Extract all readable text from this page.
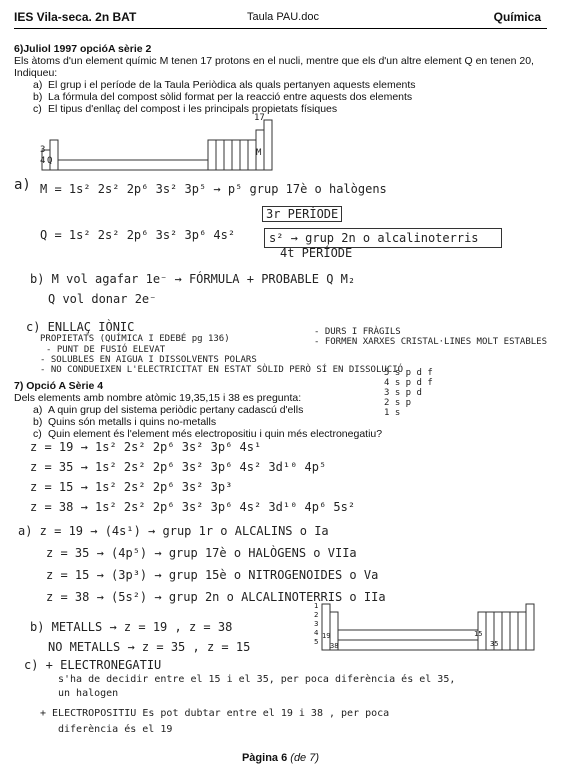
IES Vila-seca. 2n BAT	Taula PAU.doc	Química
6)Juliol 1997 opcióA sèrie 2
Els àtoms d'un element químic M tenen 17 protons en el nucli, mentre que els d'un altre element Q en tenen 20,
Indiqueu:
a) El grup i el període de la Taula Periòdica als quals pertanyen aquests elements
b) La fórmula del compost sòlid format per la reacció entre aquests dos elements
c) El tipus d'enllaç del compost i les principals propietats físiques
17
3
4 Q
M
a) M = 1s² 2s² 2p⁶ 3s² 3p⁵ → p⁵ grup 17è o halògens
3r PERÍODE
Q = 1s² 2s² 2p⁶ 3s² 3p⁶ 4s²	s² → grup 2n o alcalinoterris
4t PERÍODE
b) M vol agafar 1e⁻ → FÓRMULA + PROBABLE Q M₂
Q vol donar 2e⁻
c) ENLLAÇ IÒNIC
PROPIETATS (QUÍMICA I EDEBÉ pg 136)
- PUNT DE FUSIÓ ELEVAT
- SOLUBLES EN AIGUA I DISSOLVENTS POLARS
- NO CONDUEIXEN L'ELECTRICITAT EN ESTAT SÒLID PERÒ SÍ EN DISSOLUCIÓ
- DURS I FRÀGILS
- FORMEN XARXES CRISTAL·LINES MOLT ESTABLES
7) Opció A Sèrie 4
Dels elements amb nombre atòmic 19,35,15 i 38 es pregunta:
a) A quin grup del sistema periòdic pertany cadascú d'ells
b) Quins són metalls i quins no-metalls
c) Quin element és l'element més electropositiu i quin més electronegatiu?
5 s p d f
4 s p d f
3 s p d
2 s p
1 s
z = 19 → 1s² 2s² 2p⁶ 3s² 3p⁶ 4s¹
z = 35 → 1s² 2s² 2p⁶ 3s² 3p⁶ 4s² 3d¹⁰ 4p⁵
z = 15 → 1s² 2s² 2p⁶ 3s² 3p³
z = 38 → 1s² 2s² 2p⁶ 3s² 3p⁶ 4s² 3d¹⁰ 4p⁶ 5s²
a) z = 19 → (4s¹) → grup 1r o ALCALINS o Ia
z = 35 → (4p⁵) → grup 17è o HALÒGENS o VIIa
z = 15 → (3p³) → grup 15è o NITROGENOIDES o Va
z = 38 → (5s²) → grup 2n o ALCALINOTERRIS o IIa
b) METALLS → z = 19 , z = 38
NO METALLS → z = 35 , z = 15
1
2
3
4
5
15
35
19
38
c) + ELECTRONEGATIU
s'ha de decidir entre el 15 i el 35, per poca diferència és el 35,
un halogen
+ ELECTROPOSITIU Es pot dubtar entre el 19 i 38 , per poca
diferència és el 19
Pàgina 6 (de 7)
